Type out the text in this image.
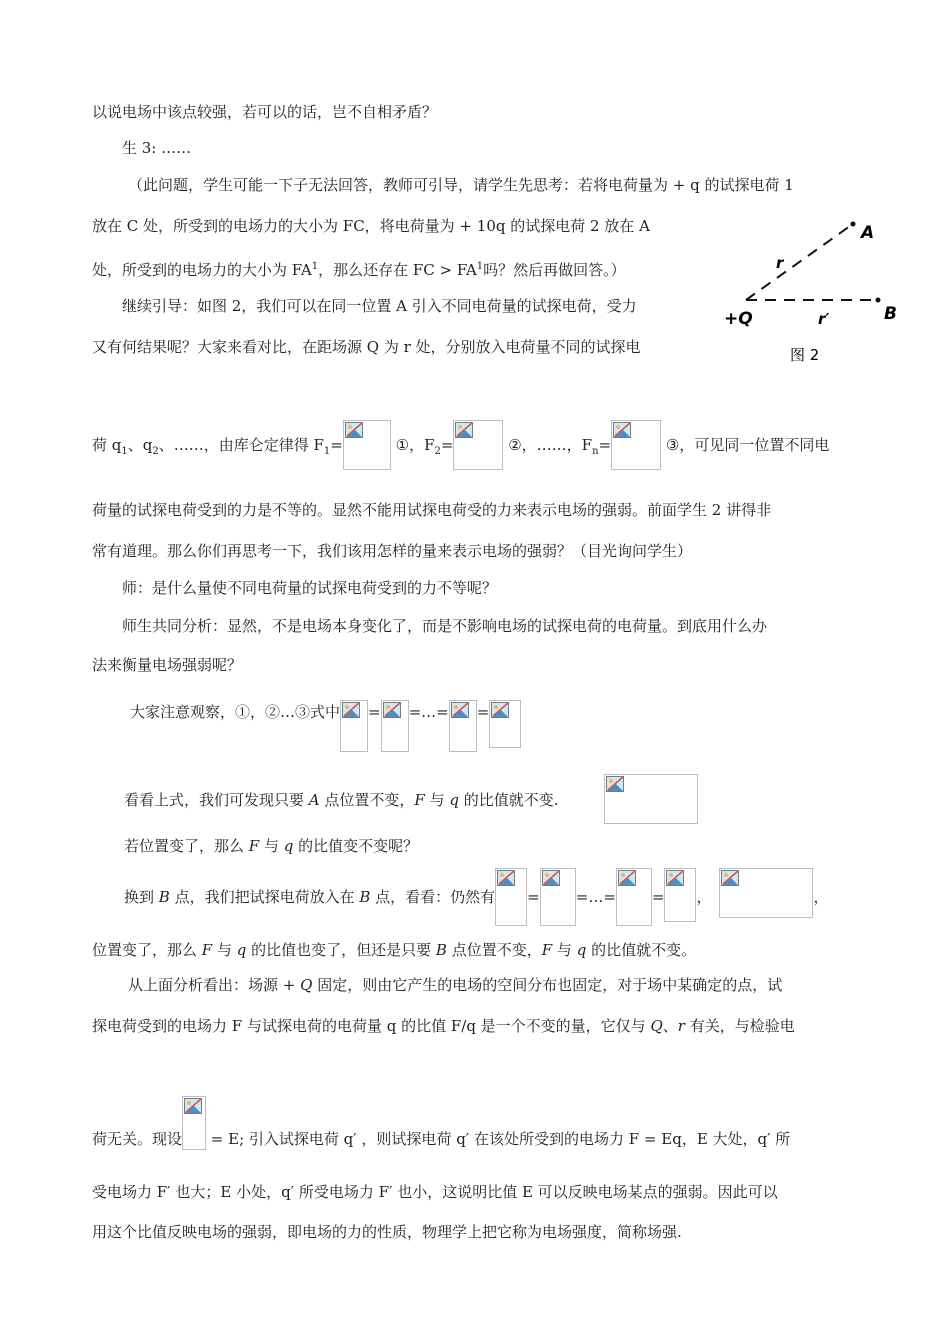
以说电场中该点较强，若可以的话，岂不自相矛盾？
生 3: ……
（此问题，学生可能一下子无法回答，教师可引导，请学生先思考：若将电荷量为 + q 的试探电荷 1
放在 C 处，所受到的电场力的大小为 FC，将电荷量为 + 10q 的试探电荷 2 放在 A
处，所受到的电场力的大小为 $FA^1$，那么还存在 FC > $FA^1$吗？然后再做回答。）
继续引导：如图 2，我们可以在同一位置 A 引入不同电荷量的试探电荷，受力
又有何结果呢？大家来看对比，在距场源 Q 为 r 处，分别放入电荷量不同的试探电
A
B
+Q
r
r′
图 2
荷 $q_1$、$q_2$、……，由库仑定律得 $F_1=$	①，$F_2=$	②，……，$F_n=$	③，可见同一位置不同电
荷量的试探电荷受到的力是不等的。显然不能用试探电荷受的力来表示电场的强弱。前面学生 2 讲得非
常有道理。那么你们再思考一下，我们该用怎样的量来表示电场的强弱？（目光询问学生）
师：是什么量使不同电荷量的试探电荷受到的力不等呢？
师生共同分析：显然，不是电场本身变化了，而是不影响电场的试探电荷的电荷量。到底用什么办
法来衡量电场强弱呢？
大家注意观察，①，②…③式中 = =…= =
看看上式，我们可发现只要 A 点位置不变，F 与 q 的比值就不变.
若位置变了，那么 F 与 q 的比值变不变呢？
换到 B 点，我们把试探电荷放入在 B 点，看看：仍然有 = =…= = ，	，
位置变了，那么 F 与 q 的比值也变了，但还是只要 B 点位置不变，F 与 q 的比值就不变。
从上面分析看出：场源 + Q 固定，则由它产生的电场的空间分布也固定，对于场中某确定的点，试
探电荷受到的电场力 F 与试探电荷的电荷量 q 的比值 F/q 是一个不变的量，它仅与 Q、r 有关，与检验电
荷无关。现设
= E; 引入试探电荷 q′ ，则试探电荷 q′ 在该处所受到的电场力 F = Eq，E 大处，q′ 所
受电场力 F′ 也大；E 小处，q′ 所受电场力 F′ 也小，这说明比值 E 可以反映电场某点的强弱。因此可以
用这个比值反映电场的强弱，即电场的力的性质，物理学上把它称为电场强度，简称场强.
